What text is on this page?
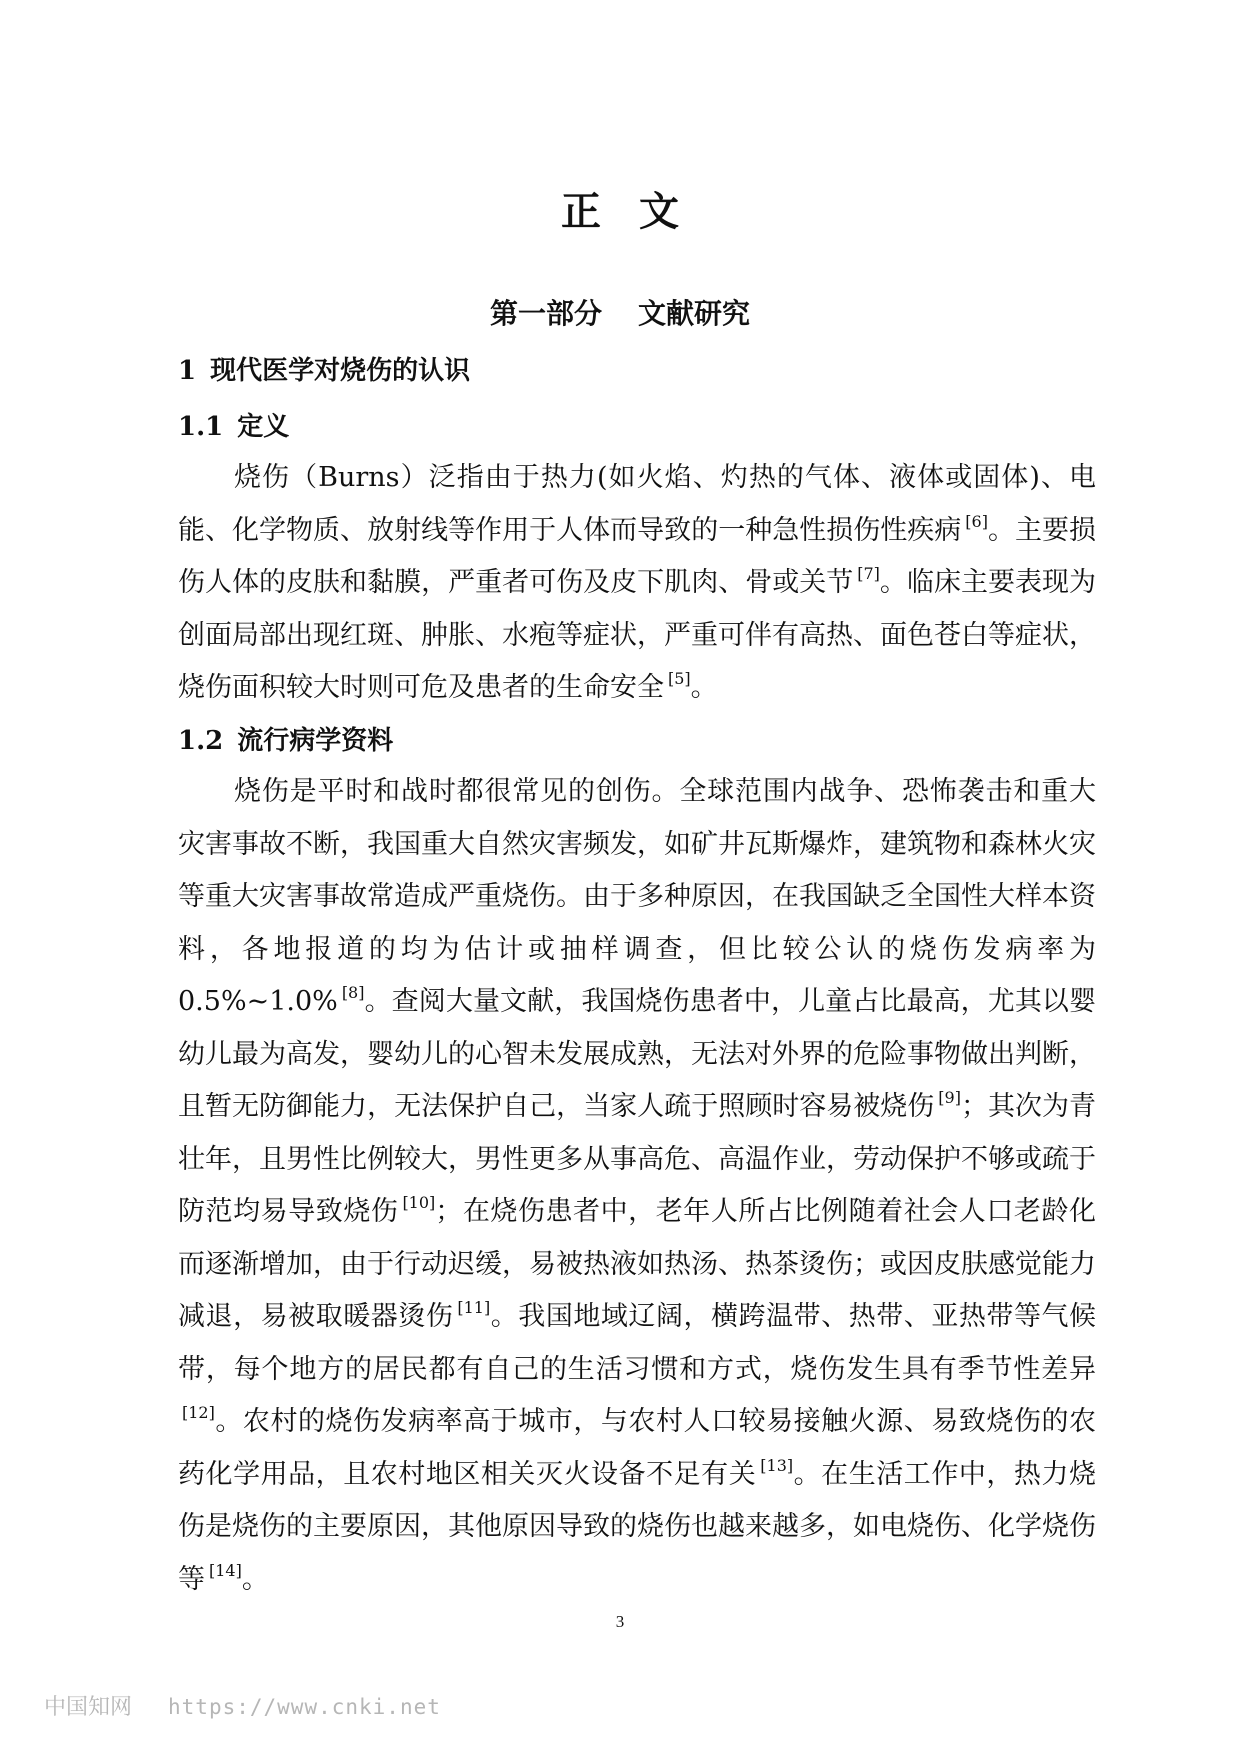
正文
第一部分 文献研究
1 现代医学对烧伤的认识
1.1 定义

烧伤（Burns）泛指由于热力(如火焰、灼热的气体、液体或固体)、电能、化学物质、放射线等作用于人体而导致的一种急性损伤性疾病 [6]。主要损伤人体的皮肤和黏膜，严重者可伤及皮下肌肉、骨或关节 [7]。临床主要表现为创面局部出现红斑、肿胀、水疱等症状，严重可伴有高热、面色苍白等症状，烧伤面积较大时则可危及患者的生命安全 [5]。

1.2 流行病学资料

烧伤是平时和战时都很常见的创伤。全球范围内战争、恐怖袭击和重大灾害事故不断，我国重大自然灾害频发，如矿井瓦斯爆炸，建筑物和森林火灾等重大灾害事故常造成严重烧伤。由于多种原因，在我国缺乏全国性大样本资料，各地报道的均为估计或抽样调查，但比较公认的烧伤发病率为 0.5%~1.0% [8]。查阅大量文献，我国烧伤患者中，儿童占比最高，尤其以婴幼儿最为高发，婴幼儿的心智未发展成熟，无法对外界的危险事物做出判断，且暂无防御能力，无法保护自己，当家人疏于照顾时容易被烧伤 [9]；其次为青壮年，且男性比例较大，男性更多从事高危、高温作业，劳动保护不够或疏于防范均易导致烧伤 [10]；在烧伤患者中，老年人所占比例随着社会人口老龄化而逐渐增加，由于行动迟缓，易被热液如热汤、热茶烫伤；或因皮肤感觉能力减退，易被取暖器烫伤 [11]。我国地域辽阔，横跨温带、热带、亚热带等气候带，每个地方的居民都有自己的生活习惯和方式，烧伤发生具有季节性差异[12]。农村的烧伤发病率高于城市，与农村人口较易接触火源、易致烧伤的农药化学用品，且农村地区相关灭火设备不足有关 [13]。在生活工作中，热力烧伤是烧伤的主要原因，其他原因导致的烧伤也越来越多，如电烧伤、化学烧伤等 [14]。

3
中国知网 https://www.cnki.net
